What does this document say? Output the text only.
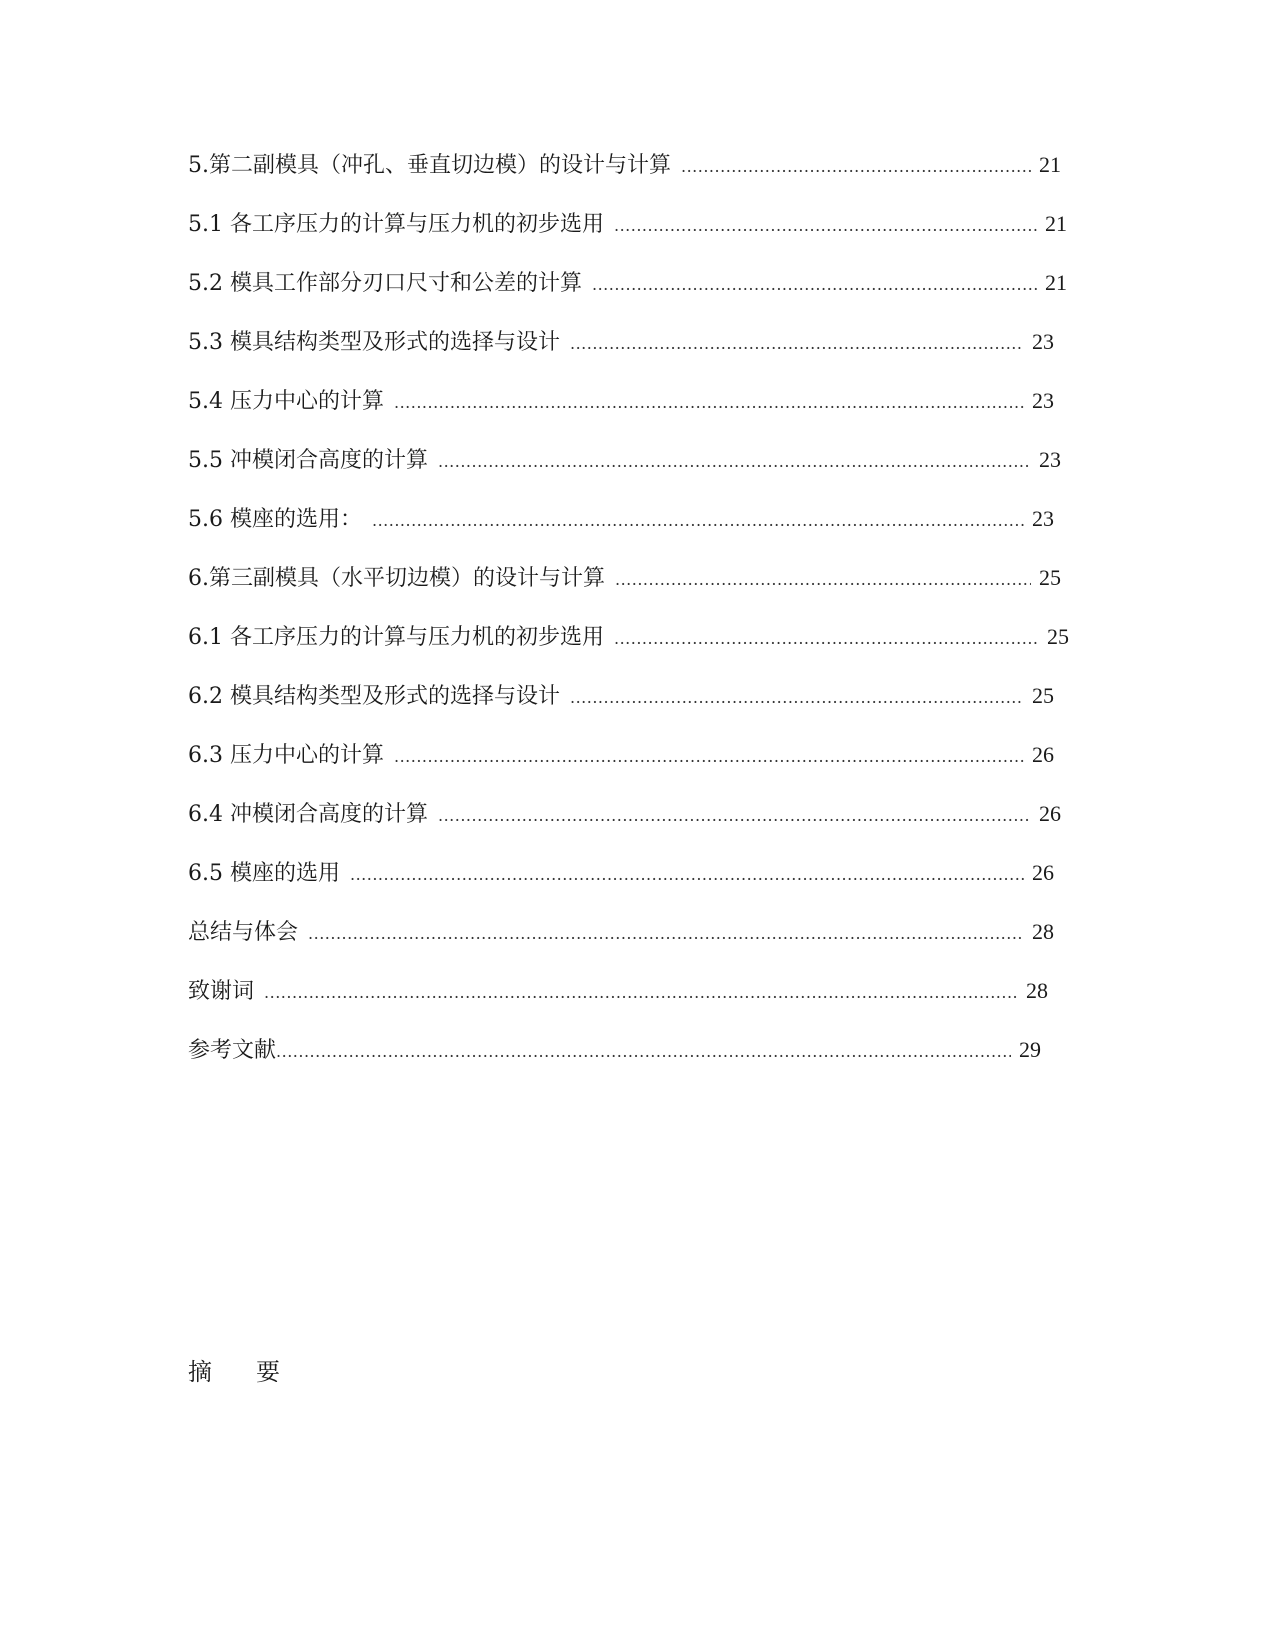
5.第二副模具（冲孔、垂直切边模）的设计与计算 .....	21
5.1 各工序压力的计算与压力机的初步选用 .....	21
5.2 模具工作部分刃口尺寸和公差的计算 .....	21
5.3 模具结构类型及形式的选择与设计 .....	23
5.4 压力中心的计算 .....	23
5.5 冲模闭合高度的计算 .....	23
5.6 模座的选用： .....	23
6.第三副模具（水平切边模）的设计与计算 .....	25
6.1 各工序压力的计算与压力机的初步选用 .....	25
6.2 模具结构类型及形式的选择与设计 .....	25
6.3 压力中心的计算 .....	26
6.4 冲模闭合高度的计算 .....	26
6.5 模座的选用 .....	26
总结与体会 .....	28
致谢词 .....	28
参考文献 .....	29
摘 要
